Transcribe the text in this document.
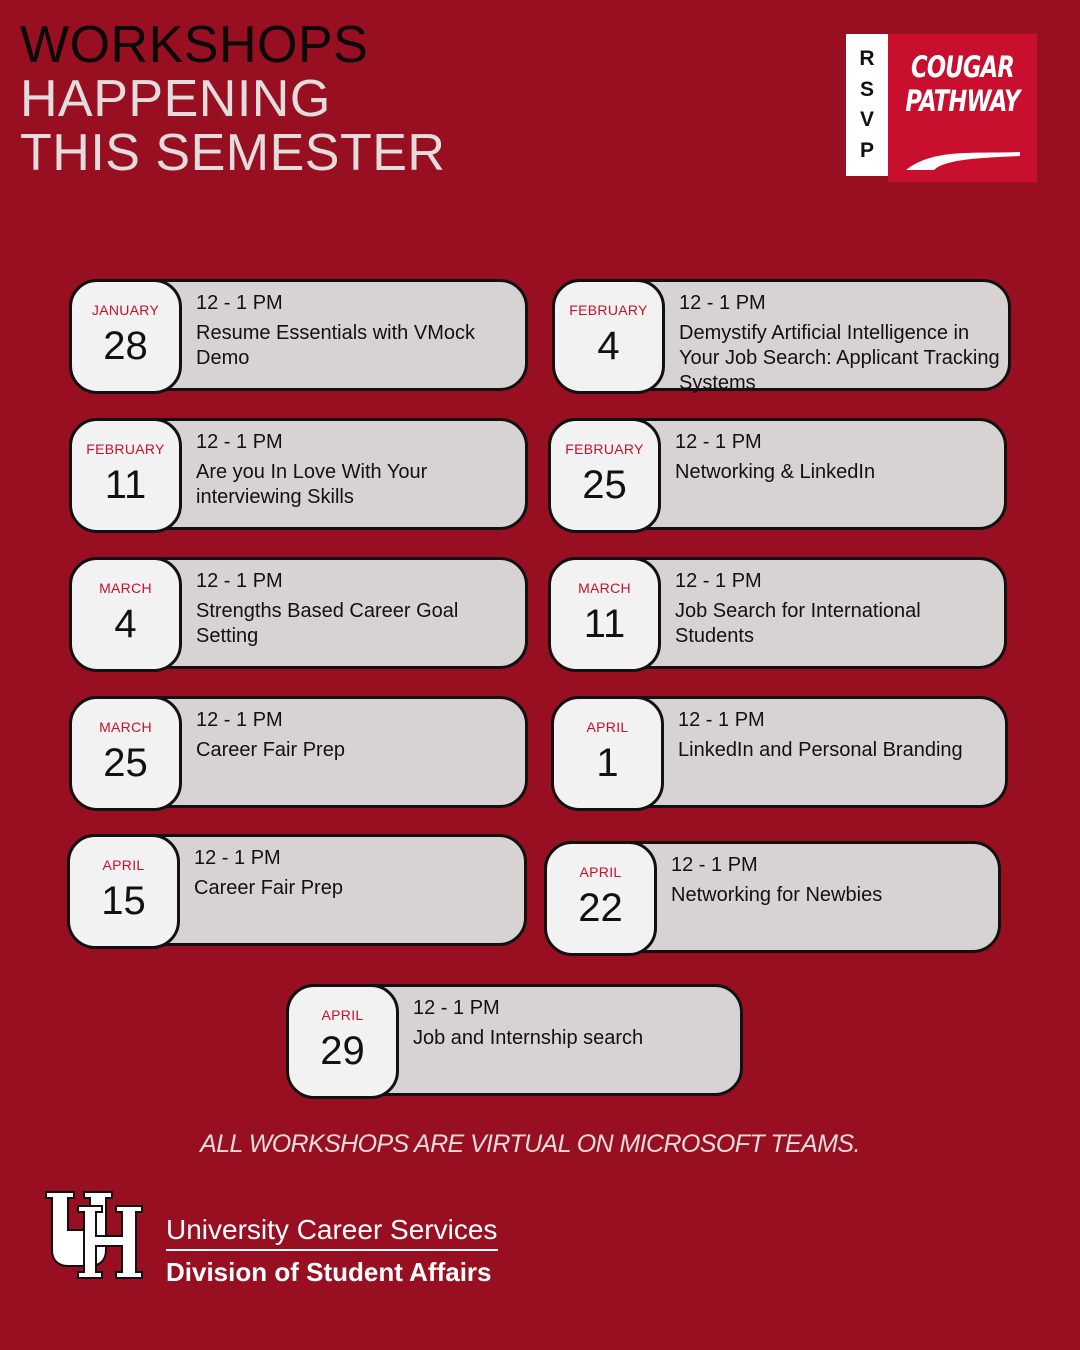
WORKSHOPS
HAPPENING
THIS SEMESTER
R
S
V
P
COUGAR
PATHWAY
JANUARY
28
12 - 1 PM
Resume Essentials with VMock Demo
FEBRUARY
4
12 - 1 PM
Demystify Artificial Intelligence in Your Job Search: Applicant Tracking Systems
FEBRUARY
11
12 - 1 PM
Are you In Love With Your interviewing Skills
FEBRUARY
25
12 - 1 PM
Networking & LinkedIn
MARCH
4
12 - 1 PM
Strengths Based Career Goal Setting
MARCH
11
12 - 1 PM
Job Search for International Students
MARCH
25
12 - 1 PM
Career Fair Prep
APRIL
1
12 - 1 PM
LinkedIn and Personal Branding
APRIL
15
12 - 1 PM
Career Fair Prep
APRIL
22
12 - 1 PM
Networking for Newbies
APRIL
29
12 - 1 PM
Job and Internship search
ALL WORKSHOPS ARE VIRTUAL ON MICROSOFT TEAMS.
University Career Services
Division of Student Affairs
